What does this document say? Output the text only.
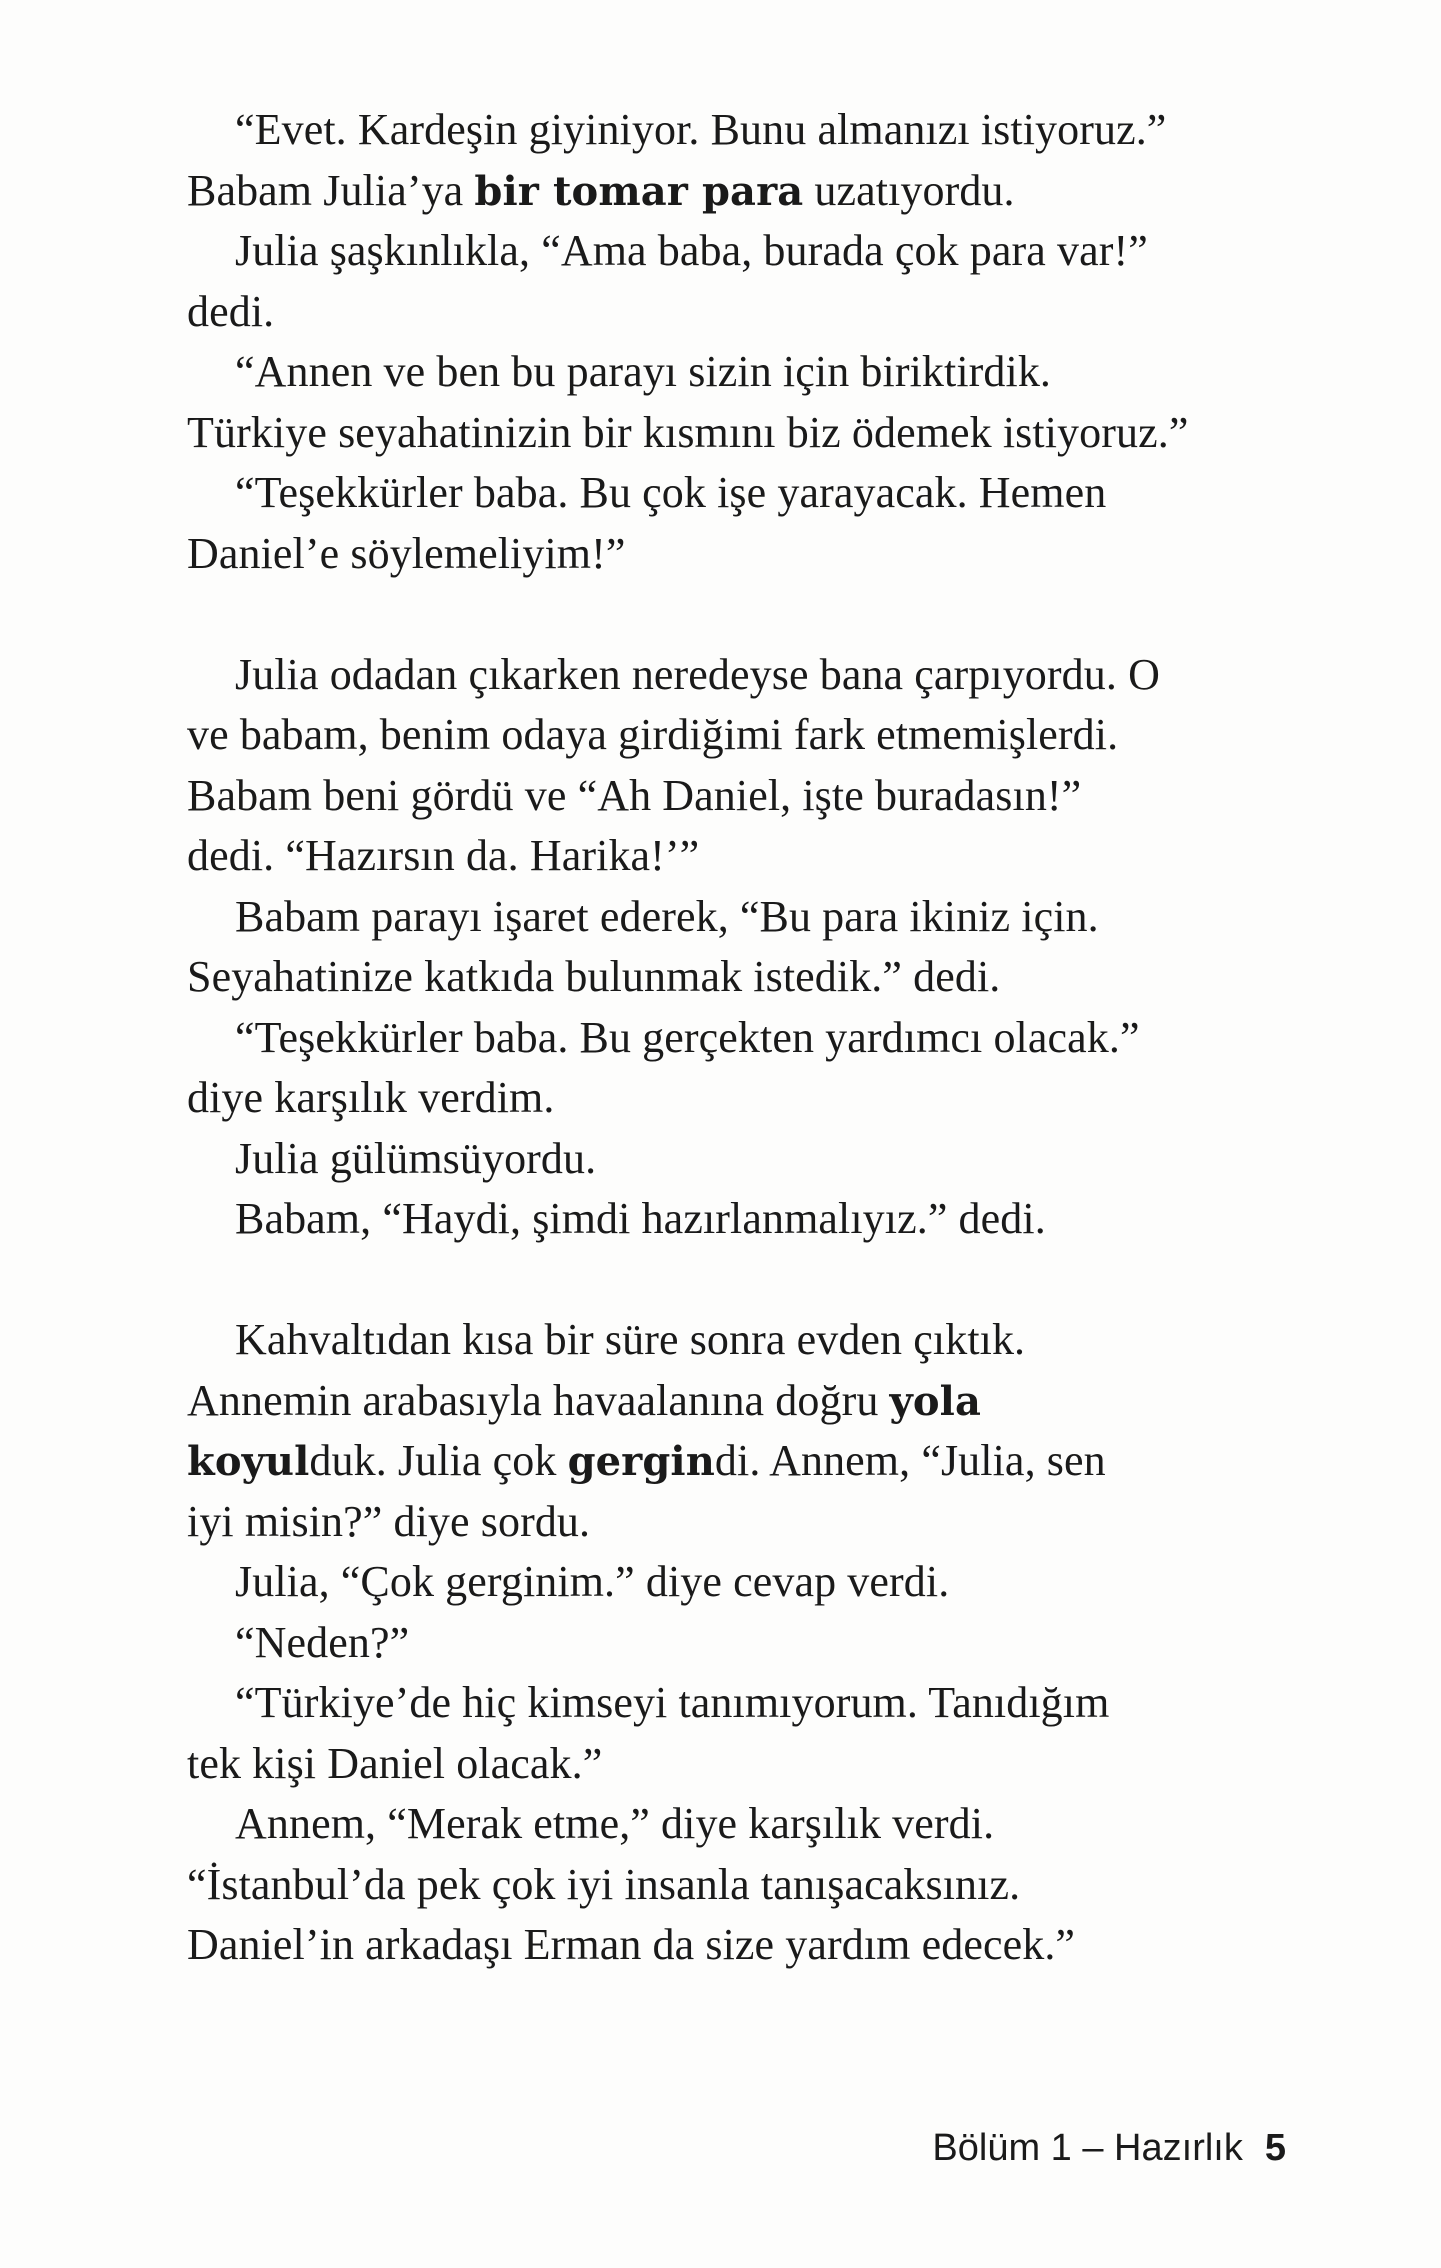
“Evet. Kardeşin giyiniyor. Bunu almanızı istiyoruz.”
Babam Julia’ya bir tomar para uzatıyordu.
Julia şaşkınlıkla, “Ama baba, burada çok para var!”
dedi.
“Annen ve ben bu parayı sizin için biriktirdik.
Türkiye seyahatinizin bir kısmını biz ödemek istiyoruz.”
“Teşekkürler baba. Bu çok işe yarayacak. Hemen
Daniel’e söylemeliyim!”
Julia odadan çıkarken neredeyse bana çarpıyordu. O
ve babam, benim odaya girdiğimi fark etmemişlerdi.
Babam beni gördü ve “Ah Daniel, işte buradasın!”
dedi. “Hazırsın da. Harika!’”
Babam parayı işaret ederek, “Bu para ikiniz için.
Seyahatinize katkıda bulunmak istedik.” dedi.
“Teşekkürler baba. Bu gerçekten yardımcı olacak.”
diye karşılık verdim.
Julia gülümsüyordu.
Babam, “Haydi, şimdi hazırlanmalıyız.” dedi.
Kahvaltıdan kısa bir süre sonra evden çıktık.
Annemin arabasıyla havaalanına doğru yola
koyulduk. Julia çok gergindi. Annem, “Julia, sen
iyi misin?” diye sordu.
Julia, “Çok gerginim.” diye cevap verdi.
“Neden?”
“Türkiye’de hiç kimseyi tanımıyorum. Tanıdığım
tek kişi Daniel olacak.”
Annem, “Merak etme,” diye karşılık verdi.
“İstanbul’da pek çok iyi insanla tanışacaksınız.
Daniel’in arkadaşı Erman da size yardım edecek.”
Bölüm 1 – Hazırlık 5
